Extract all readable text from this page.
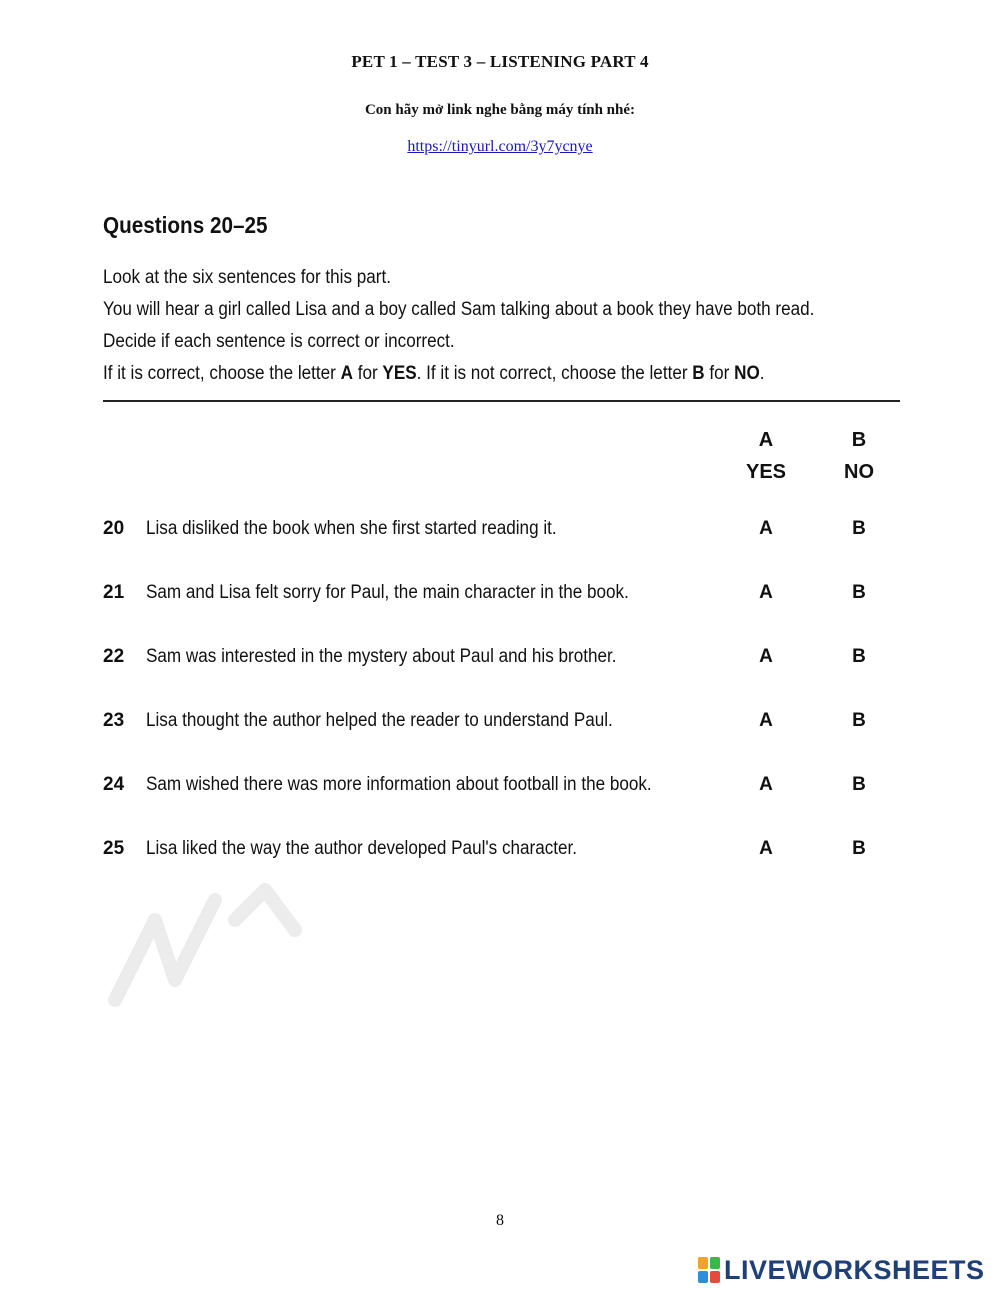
PET 1 – TEST 3 – LISTENING PART 4
Con hãy mở link nghe bằng máy tính nhé:
https://tinyurl.com/3y7ycnye
Questions 20–25
Look at the six sentences for this part.
You will hear a girl called Lisa and a boy called Sam talking about a book they have both read.
Decide if each sentence is correct or incorrect.
If it is correct, choose the letter A for YES. If it is not correct, choose the letter B for NO.
A
YES
B
NO
20 Lisa disliked the book when she first started reading it.	A	B
21 Sam and Lisa felt sorry for Paul, the main character in the book.	A	B
22 Sam was interested in the mystery about Paul and his brother.	A	B
23 Lisa thought the author helped the reader to understand Paul.	A	B
24 Sam wished there was more information about football in the book.	A	B
25 Lisa liked the way the author developed Paul's character.	A	B
8
LIVEWORKSHEETS
